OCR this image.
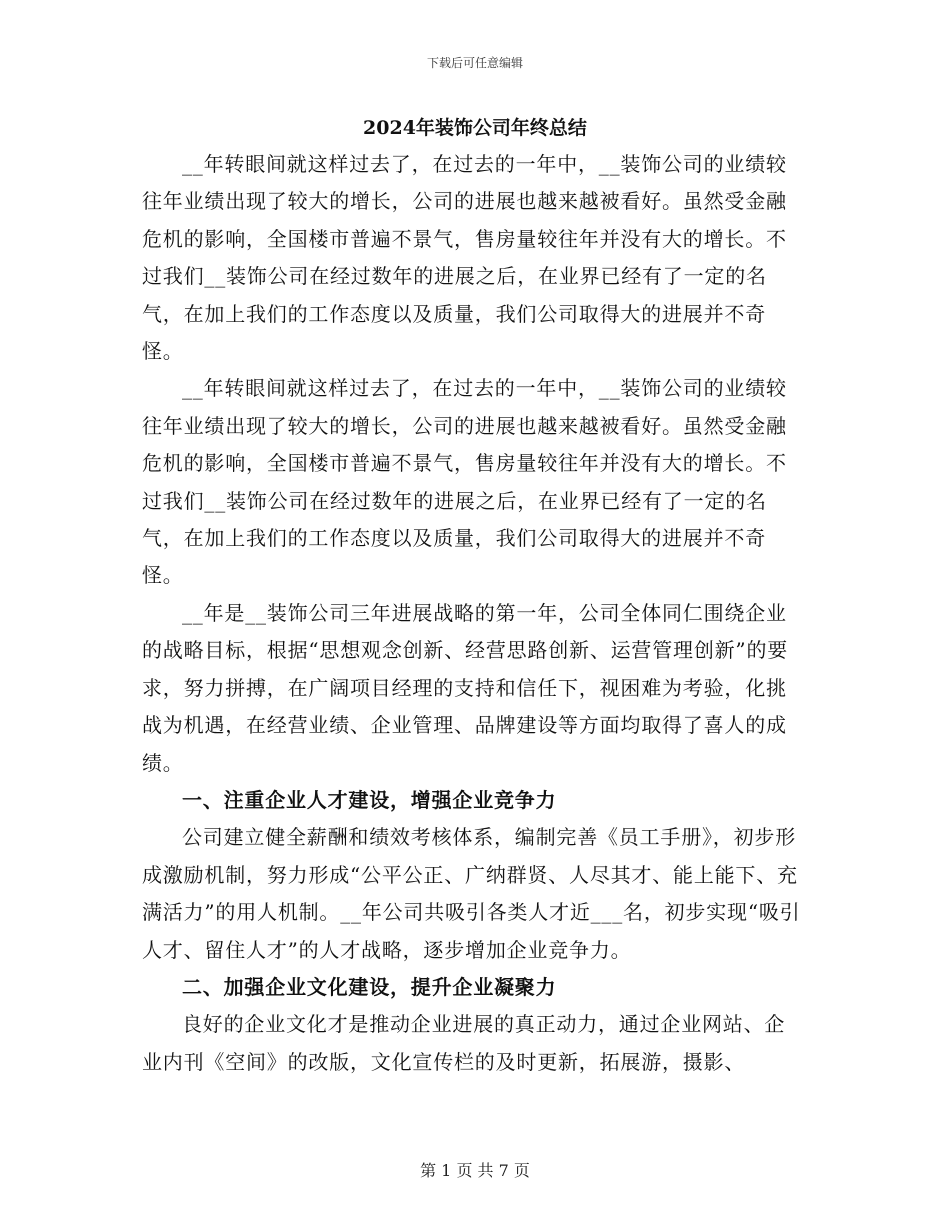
下载后可任意编辑
2024年装饰公司年终总结

__年转眼间就这样过去了，在过去的一年中，__装饰公司的业绩较往年业绩出现了较大的增长，公司的进展也越来越被看好。虽然受金融危机的影响，全国楼市普遍不景气，售房量较往年并没有大的增长。不过我们__装饰公司在经过数年的进展之后，在业界已经有了一定的名气，在加上我们的工作态度以及质量，我们公司取得大的进展并不奇怪。

__年转眼间就这样过去了，在过去的一年中，__装饰公司的业绩较往年业绩出现了较大的增长，公司的进展也越来越被看好。虽然受金融危机的影响，全国楼市普遍不景气，售房量较往年并没有大的增长。不过我们__装饰公司在经过数年的进展之后，在业界已经有了一定的名气，在加上我们的工作态度以及质量，我们公司取得大的进展并不奇怪。

__年是__装饰公司三年进展战略的第一年，公司全体同仁围绕企业的战略目标，根据“思想观念创新、经营思路创新、运营管理创新”的要求，努力拼搏，在广阔项目经理的支持和信任下，视困难为考验，化挑战为机遇，在经营业绩、企业管理、品牌建设等方面均取得了喜人的成绩。

一、注重企业人才建设，增强企业竞争力

公司建立健全薪酬和绩效考核体系，编制完善《员工手册》，初步形成激励机制，努力形成“公平公正、广纳群贤、人尽其才、能上能下、充满活力”的用人机制。__年公司共吸引各类人才近___名，初步实现“吸引人才、留住人才”的人才战略，逐步增加企业竞争力。

二、加强企业文化建设，提升企业凝聚力

良好的企业文化才是推动企业进展的真正动力，通过企业网站、企业内刊《空间》的改版，文化宣传栏的及时更新，拓展游，摄影、

第 1 页 共 7 页
